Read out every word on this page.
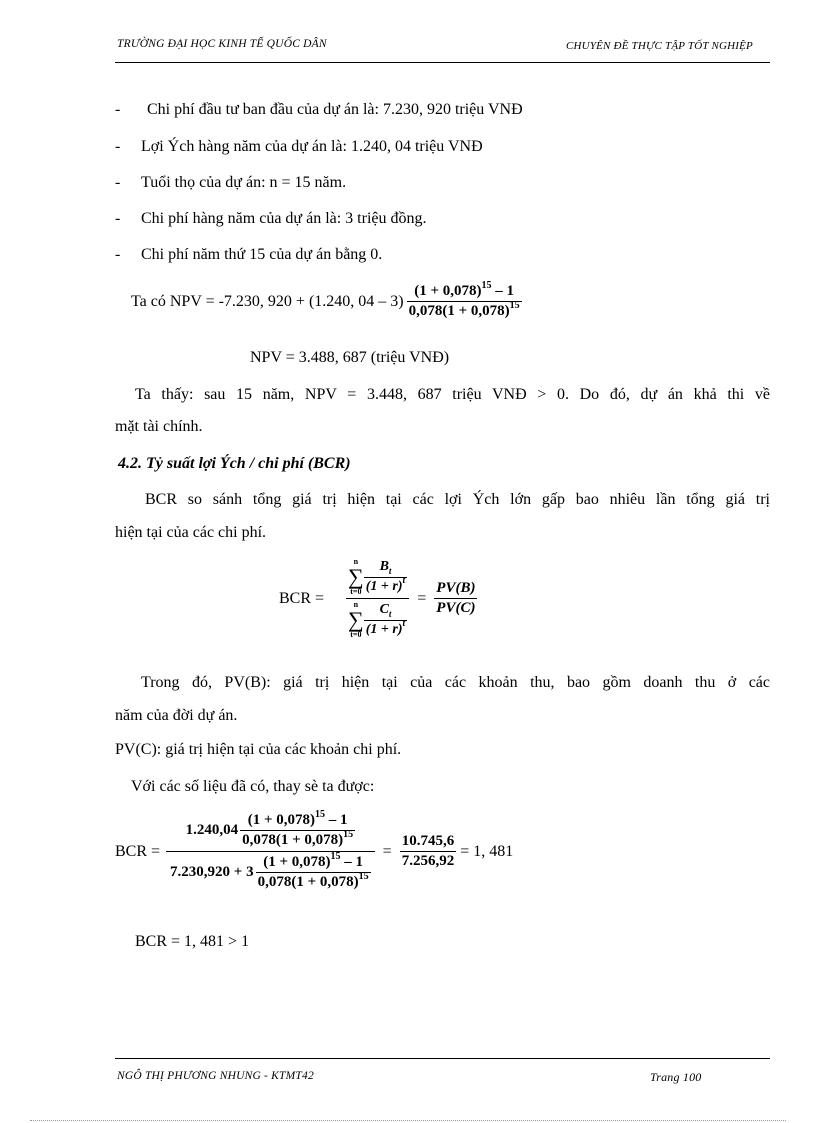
TRƯỜNG ĐẠI HỌC KINH TẾ QUỐC DÂN	CHUYÊN ĐỀ THỰC TẬP TỐT NGHIỆP
- Chi phí đầu tư ban đầu của dự án là: 7.230, 920 triệu VNĐ
- Lợi Ých hàng năm của dự án là: 1.240, 04 triệu VNĐ
- Tuổi thọ của dự án: n = 15 năm.
- Chi phí hàng năm của dự án là: 3 triệu đồng.
- Chi phí năm thứ 15 của dự án bằng 0.
Ta có NPV = -7.230, 920 + (1.240, $04 - 3) \frac{(1 + 0,078)^{15} - 1}{0,078(1 + 0,078)^{15}}$
NPV = 3.488, 687 (triệu VNĐ)
Ta thấy: sau 15 năm, NPV = 3.448, 687 triệu VNĐ > 0. Do đó, dự án khả thi về
mặt tài chính.
4.2. Tỷ suất lợi Ých / chi phí (BCR)
BCR so sánh tổng giá trị hiện tại các lợi Ých lớn gấp bao nhiêu lần tổng giá trị
hiện tại của các chi phí.
BCR =
n
∑
$t=0 \frac{B_t}{(1 + r)^t}$
n
∑
$t=0 \frac{C_t}{(1 + r)^t}$
= $\frac{PV(B)}{PV(C)}$
Trong đó, PV(B): giá trị hiện tại của các khoản thu, bao gồm doanh thu ở các
năm của đời dự án.
PV(C): giá trị hiện tại của các khoản chi phí.
Với các số liệu đã có, thay sè ta được:
BCR =
$1.240,04 \frac{(1 + 0,078)^{15} - 1}{0,078(1 + 0,078)^{15}}$
$7.230,920 + 3 \frac{(1 + 0,078)^{15} - 1}{0,078(1 + 0,078)^{15}}$
= $\frac{10.745,6}{7.256,92} = 1$, 481
BCR = 1, 481 > 1
NGÔ THỊ PHƯƠNG NHUNG - KTMT42	Trang 100
